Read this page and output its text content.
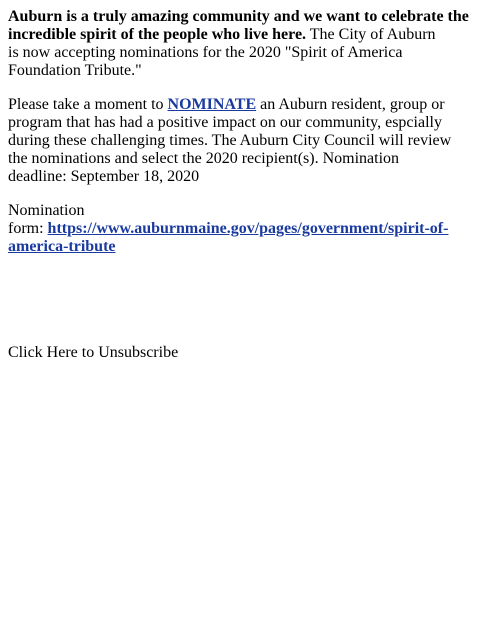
Auburn is a truly amazing community and we want to celebrate the incredible spirit of the people who live here. The City of Auburn
is now accepting nominations for the 2020 "Spirit of America Foundation Tribute."

Please take a moment to NOMINATE an Auburn resident, group or program that has had a positive impact on our community, espcially during these challenging times. The Auburn City Council will review the nominations and select the 2020 recipient(s). Nomination
deadline: September 18, 2020

Nomination
form: https://www.auburnmaine.gov/pages/government/spirit-of-america-tribute

Click Here to Unsubscribe
